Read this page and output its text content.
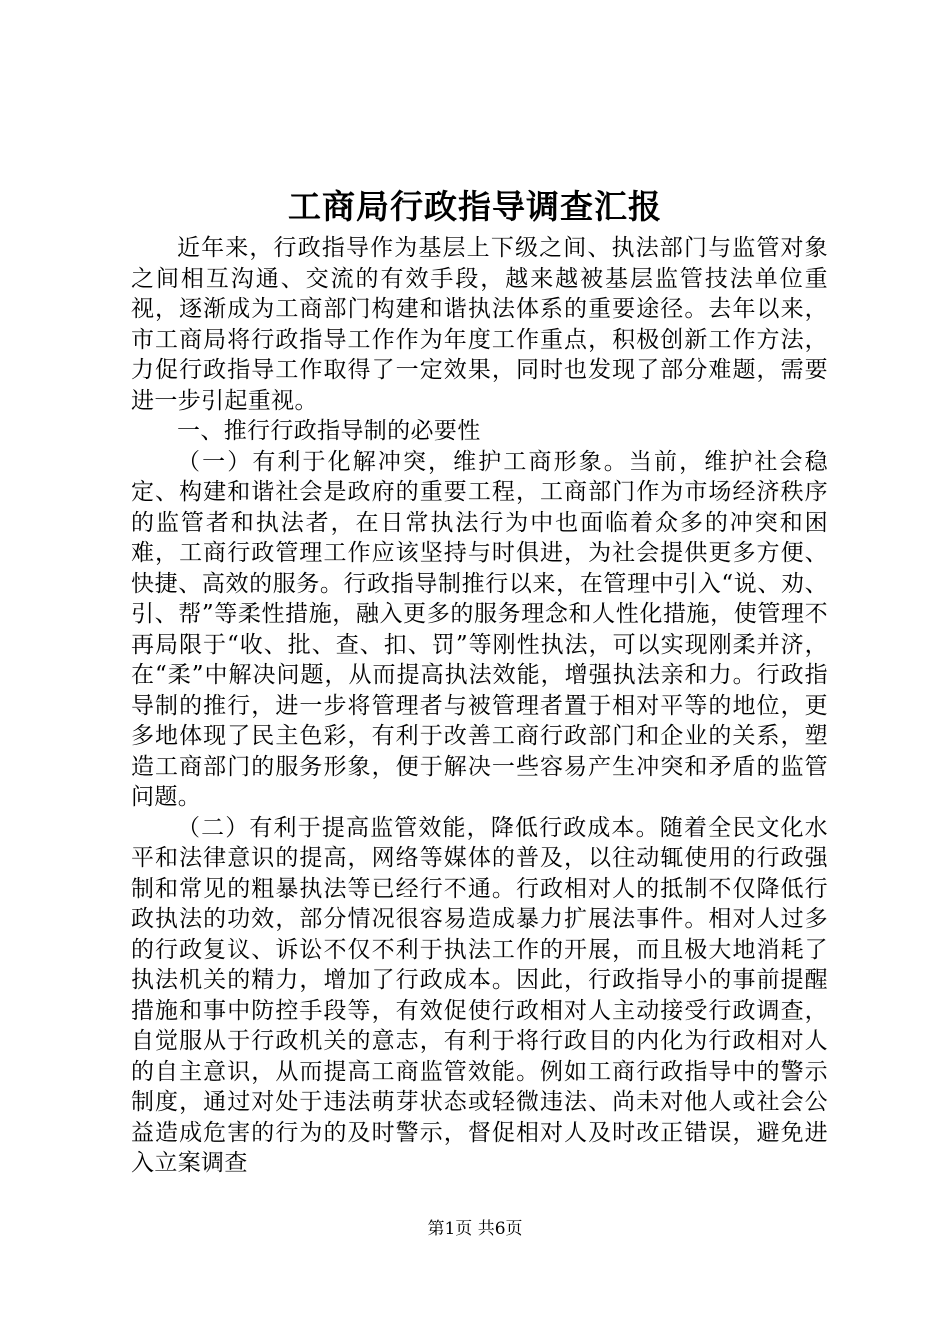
工商局行政指导调查汇报

近年来，行政指导作为基层上下级之间、执法部门与监管对象之间相互沟通、交流的有效手段，越来越被基层监管技法单位重视，逐渐成为工商部门构建和谐执法体系的重要途径。去年以来，市工商局将行政指导工作作为年度工作重点，积极创新工作方法，力促行政指导工作取得了一定效果，同时也发现了部分难题，需要进一步引起重视。

一、推行行政指导制的必要性

（一）有利于化解冲突，维护工商形象。当前，维护社会稳定、构建和谐社会是政府的重要工程，工商部门作为市场经济秩序的监管者和执法者，在日常执法行为中也面临着众多的冲突和困难，工商行政管理工作应该坚持与时俱进，为社会提供更多方便、快捷、高效的服务。行政指导制推行以来，在管理中引入“说、劝、引、帮”等柔性措施，融入更多的服务理念和人性化措施，使管理不再局限于“收、批、查、扣、罚”等刚性执法，可以实现刚柔并济，在“柔”中解决问题，从而提高执法效能，增强执法亲和力。行政指导制的推行，进一步将管理者与被管理者置于相对平等的地位，更多地体现了民主色彩，有利于改善工商行政部门和企业的关系，塑造工商部门的服务形象，便于解决一些容易产生冲突和矛盾的监管问题。

（二）有利于提高监管效能，降低行政成本。随着全民文化水平和法律意识的提高，网络等媒体的普及，以往动辄使用的行政强制和常见的粗暴执法等已经行不通。行政相对人的抵制不仅降低行政执法的功效，部分情况很容易造成暴力扩展法事件。相对人过多的行政复议、诉讼不仅不利于执法工作的开展，而且极大地消耗了执法机关的精力，增加了行政成本。因此，行政指导小的事前提醒措施和事中防控手段等，有效促使行政相对人主动接受行政调查，自觉服从于行政机关的意志，有利于将行政目的内化为行政相对人的自主意识，从而提高工商监管效能。例如工商行政指导中的警示制度，通过对处于违法萌芽状态或轻微违法、尚未对他人或社会公益造成危害的行为的及时警示，督促相对人及时改正错误，避免进入立案调查

第1页 共6页
